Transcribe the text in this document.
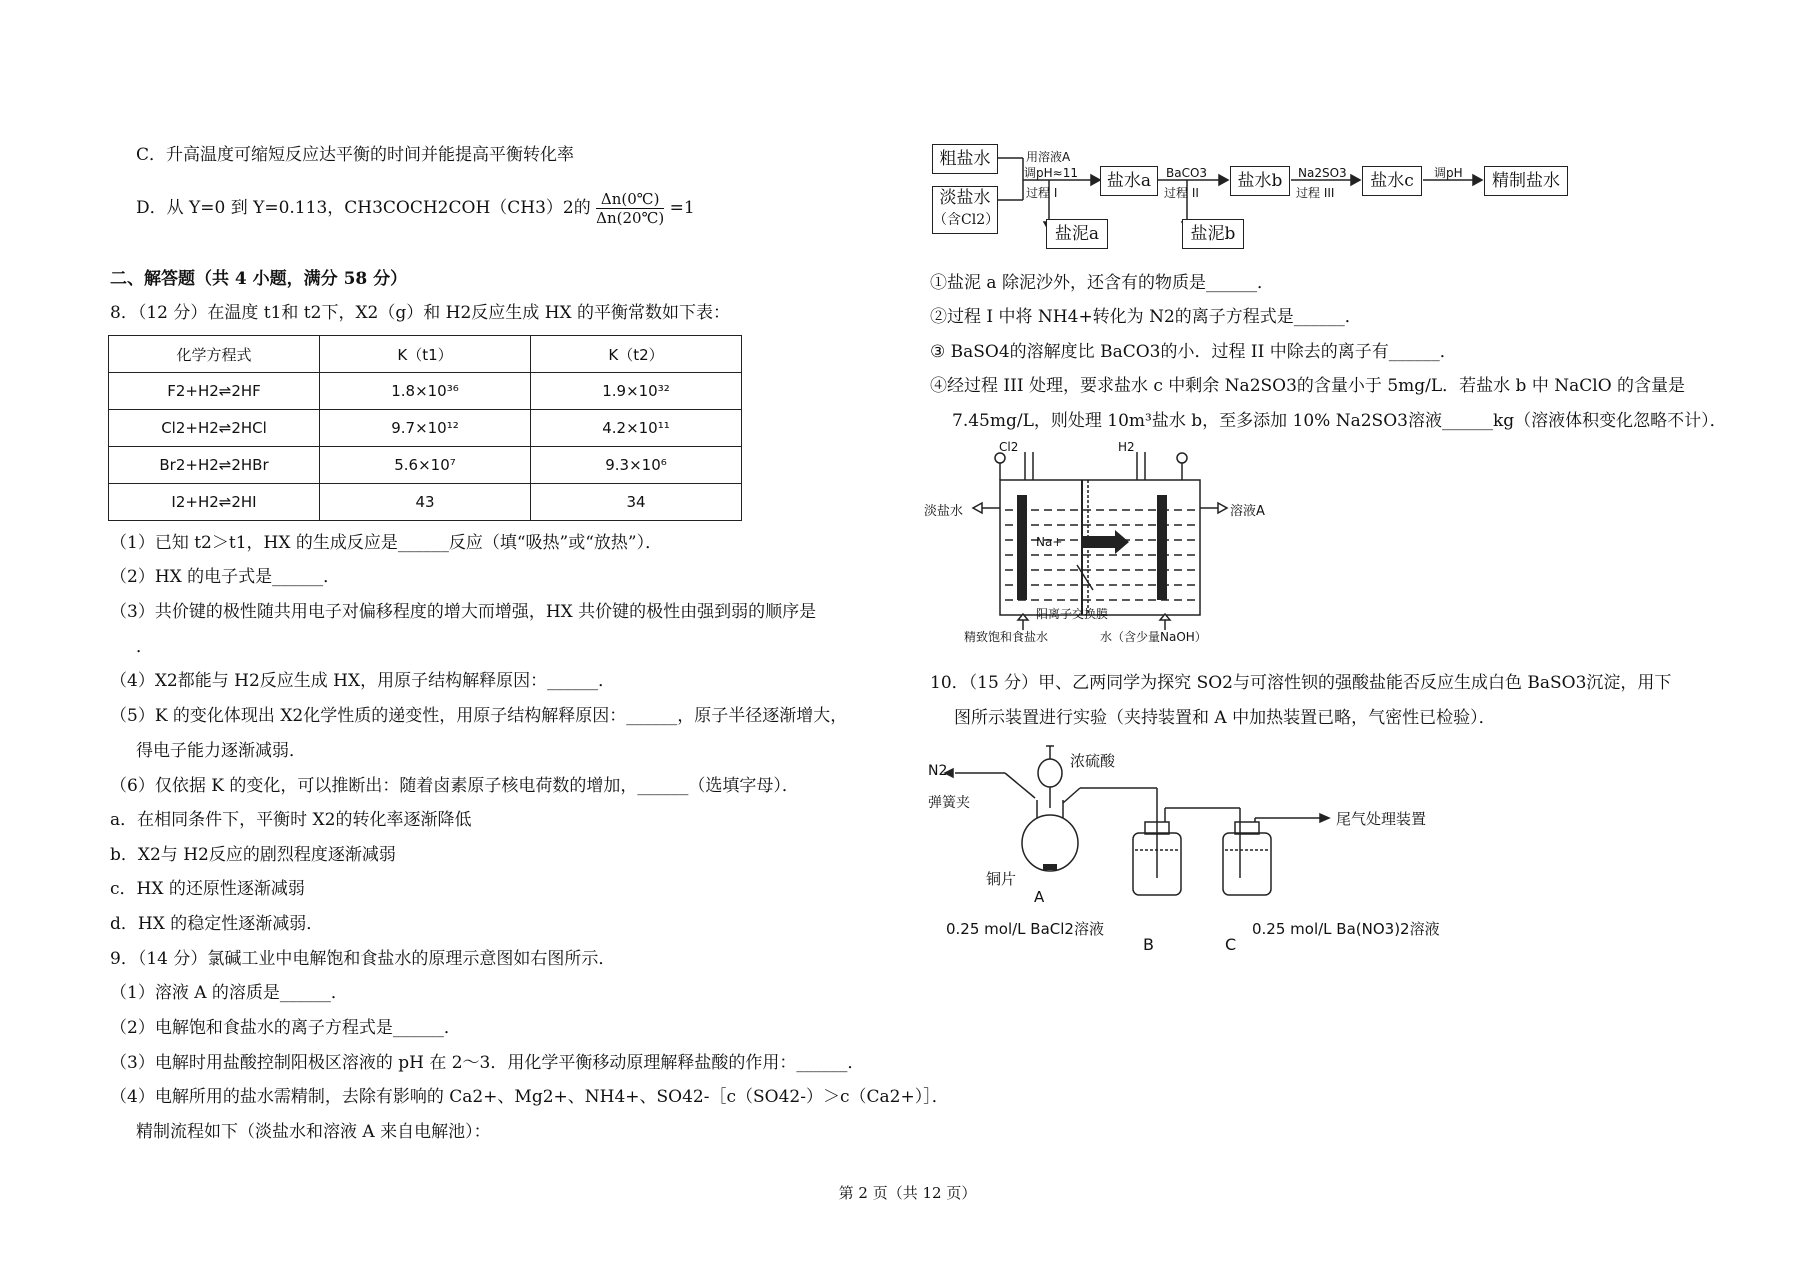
C．升高温度可缩短反应达平衡的时间并能提高平衡转化率
D．从 Y=0 到 Y=0.113，CH3COCH2COH（CH3）2的 $\frac{\Delta n(0℃)}{\Delta n(20℃)} =1$
二、解答题（共 4 小题，满分 58 分）
8．（12 分）在温度 t1和 t2下，X2（g）和 H2反应生成 HX 的平衡常数如下表：
化学方程式	K（t1）	K（t2）
F2+H2⇌2HF	1.8×10³⁶	1.9×10³²
Cl2+H2⇌2HCl	9.7×10¹²	4.2×10¹¹
Br2+H2⇌2HBr	5.6×10⁷	9.3×10⁶
I2+H2⇌2HI	43	34
（1）已知 t2＞t1，HX 的生成反应是______反应（填“吸热”或“放热”）．
（2）HX 的电子式是______．
（3）共价键的极性随共用电子对偏移程度的增大而增强，HX 共价键的极性由强到弱的顺序是
．
（4）X2都能与 H2反应生成 HX，用原子结构解释原因：______．
（5）K 的变化体现出 X2化学性质的递变性，用原子结构解释原因：______，原子半径逐渐增大，
得电子能力逐渐减弱．
（6）仅依据 K 的变化，可以推断出：随着卤素原子核电荷数的增加，______（选填字母）．
a．在相同条件下，平衡时 X2的转化率逐渐降低
b．X2与 H2反应的剧烈程度逐渐减弱
c．HX 的还原性逐渐减弱
d．HX 的稳定性逐渐减弱．
9．（14 分）氯碱工业中电解饱和食盐水的原理示意图如右图所示．
（1）溶液 A 的溶质是______．
（2）电解饱和食盐水的离子方程式是______．
（3）电解时用盐酸控制阳极区溶液的 pH 在 2～3．用化学平衡移动原理解释盐酸的作用：______．
（4）电解所用的盐水需精制，去除有影响的 Ca2+、Mg2+、NH4+、SO42-［c（SO42-）＞c（Ca2+）］．
精制流程如下（淡盐水和溶液 A 来自电解池）：
粗盐水
淡盐水
（含Cl2）
用溶液A
调pH≈11
过程 I
盐水a
盐泥a
BaCO3
过程 II
盐水b
盐泥b
Na2SO3
过程 III
盐水c	调pH	精制盐水
①盐泥 a 除泥沙外，还含有的物质是______．
②过程 I 中将 NH4+转化为 N2的离子方程式是______．
③ BaSO4的溶解度比 BaCO3的小．过程 II 中除去的离子有______．
④经过程 III 处理，要求盐水 c 中剩余 Na2SO3的含量小于 5mg/L．若盐水 b 中 NaClO 的含量是
7.45mg/L，则处理 10m³盐水 b，至多添加 10% Na2SO3溶液______kg（溶液体积变化忽略不计）．
Cl2	H2
淡盐水	溶液A
Na+
阳离子交换膜
精致饱和食盐水	水（含少量NaOH）
10．（15 分）甲、乙两同学为探究 SO2与可溶性钡的强酸盐能否反应生成白色 BaSO3沉淀，用下
图所示装置进行实验（夹持装置和 A 中加热装置已略，气密性已检验）．
N2
弹簧夹
浓硫酸
尾气处理装置
铜片
A
0.25 mol/L BaCl2溶液	0.25 mol/L Ba(NO3)2溶液
B	C
第 2 页（共 12 页）
